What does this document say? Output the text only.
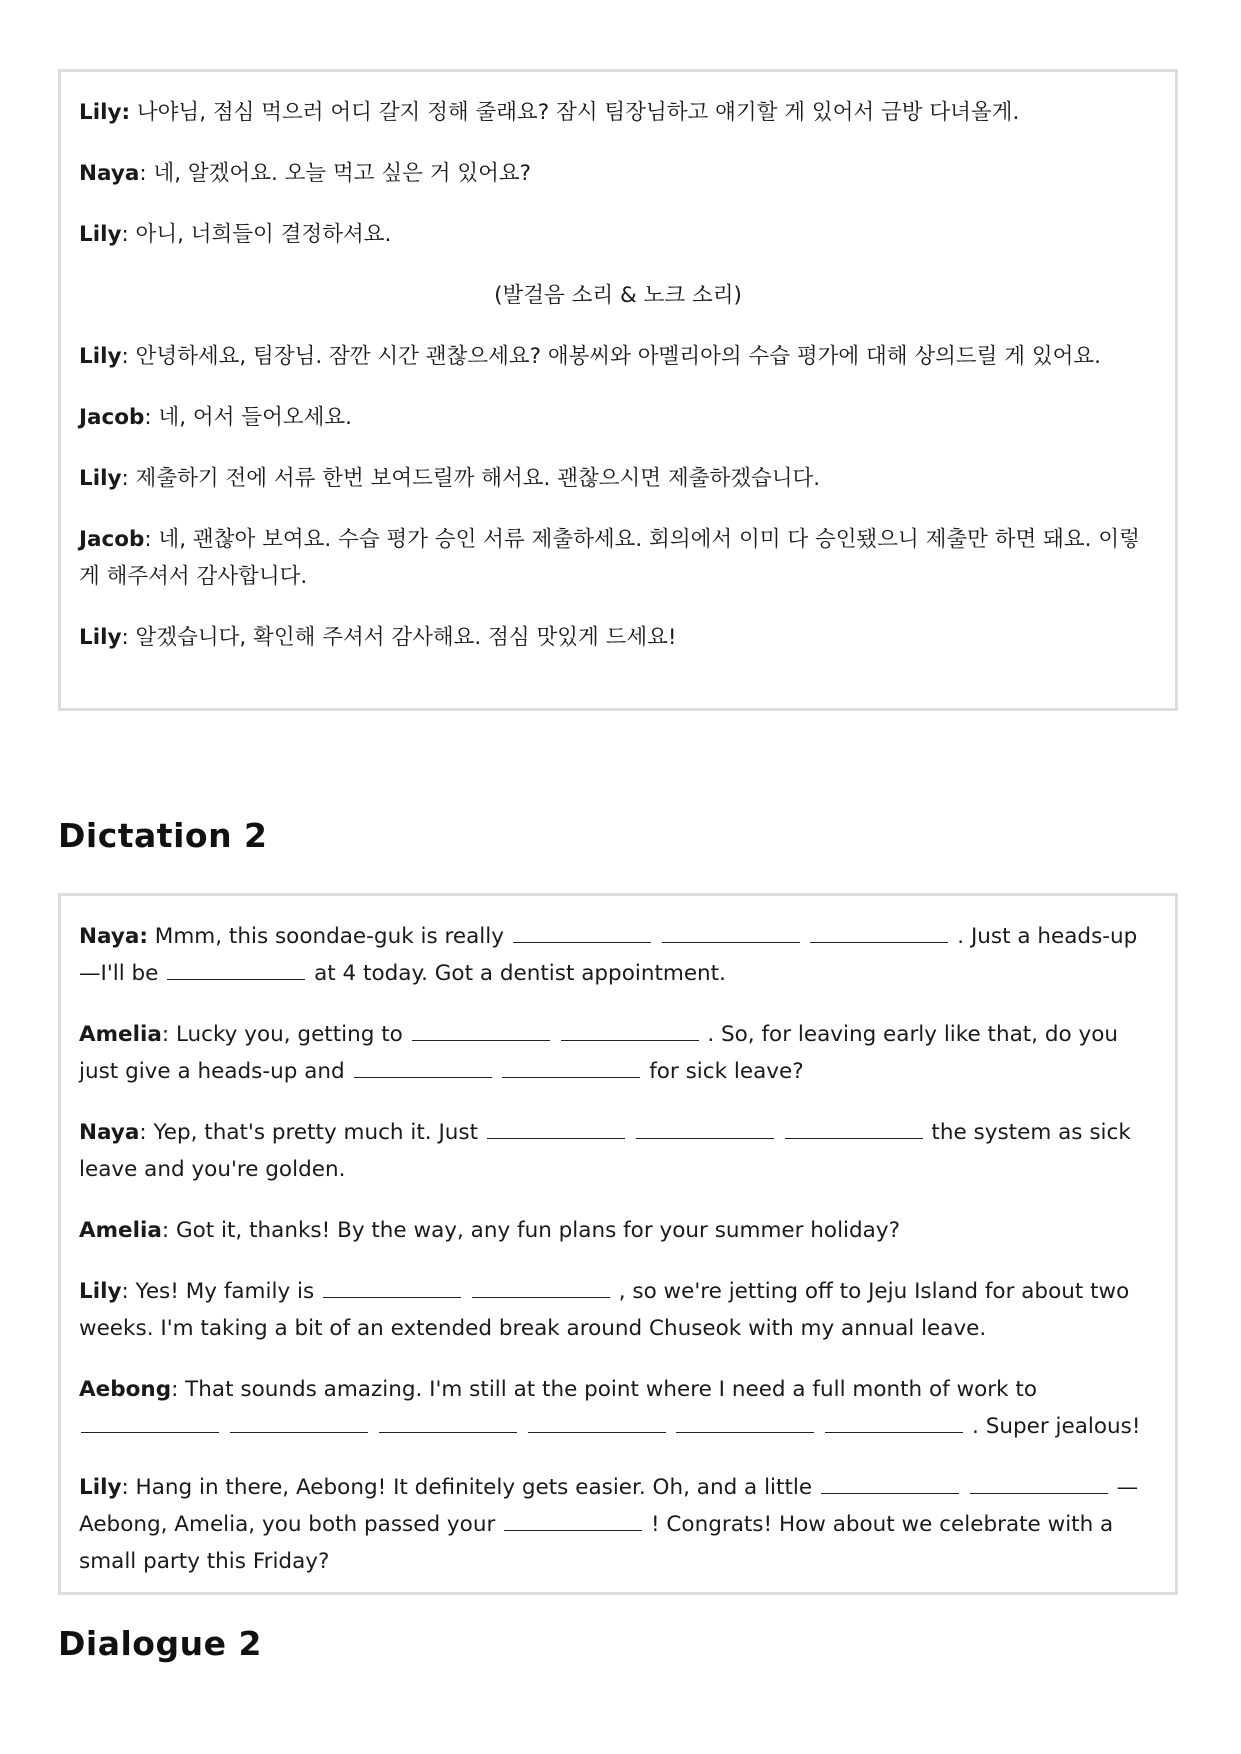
Lily: 나야님, 점심 먹으러 어디 갈지 정해 줄래요? 잠시 팀장님하고 얘기할 게 있어서 금방 다녀올게.

Naya: 네, 알겠어요. 오늘 먹고 싶은 거 있어요?

Lily: 아니, 너희들이 결정하셔요.

(발걸음 소리 & 노크 소리)

Lily: 안녕하세요, 팀장님. 잠깐 시간 괜찮으세요? 애봉씨와 아멜리아의 수습 평가에 대해 상의드릴 게 있어요.

Jacob: 네, 어서 들어오세요.

Lily: 제출하기 전에 서류 한번 보여드릴까 해서요. 괜찮으시면 제출하겠습니다.

Jacob: 네, 괜찮아 보여요. 수습 평가 승인 서류 제출하세요. 회의에서 이미 다 승인됐으니 제출만 하면 돼요. 이렇게 해주셔서 감사합니다.

Lily: 알겠습니다, 확인해 주셔서 감사해요. 점심 맛있게 드세요!

Dictation 2

Naya: Mmm, this soondae-guk is really	. Just a heads-up —I'll be	at 4 today. Got a dentist appointment.

Amelia: Lucky you, getting to	. So, for leaving early like that, do you just give a heads-up and	for sick leave?

Naya: Yep, that's pretty much it. Just	the system as sick leave and you're golden.

Amelia: Got it, thanks! By the way, any fun plans for your summer holiday?

Lily: Yes! My family is	, so we're jetting off to Jeju Island for about two weeks. I'm taking a bit of an extended break around Chuseok with my annual leave.

Aebong: That sounds amazing. I'm still at the point where I need a full month of work to       . Super jealous!

Lily: Hang in there, Aebong! It definitely gets easier. Oh, and a little	— Aebong, Amelia, you both passed your	! Congrats! How about we celebrate with a small party this Friday?

Dialogue 2
